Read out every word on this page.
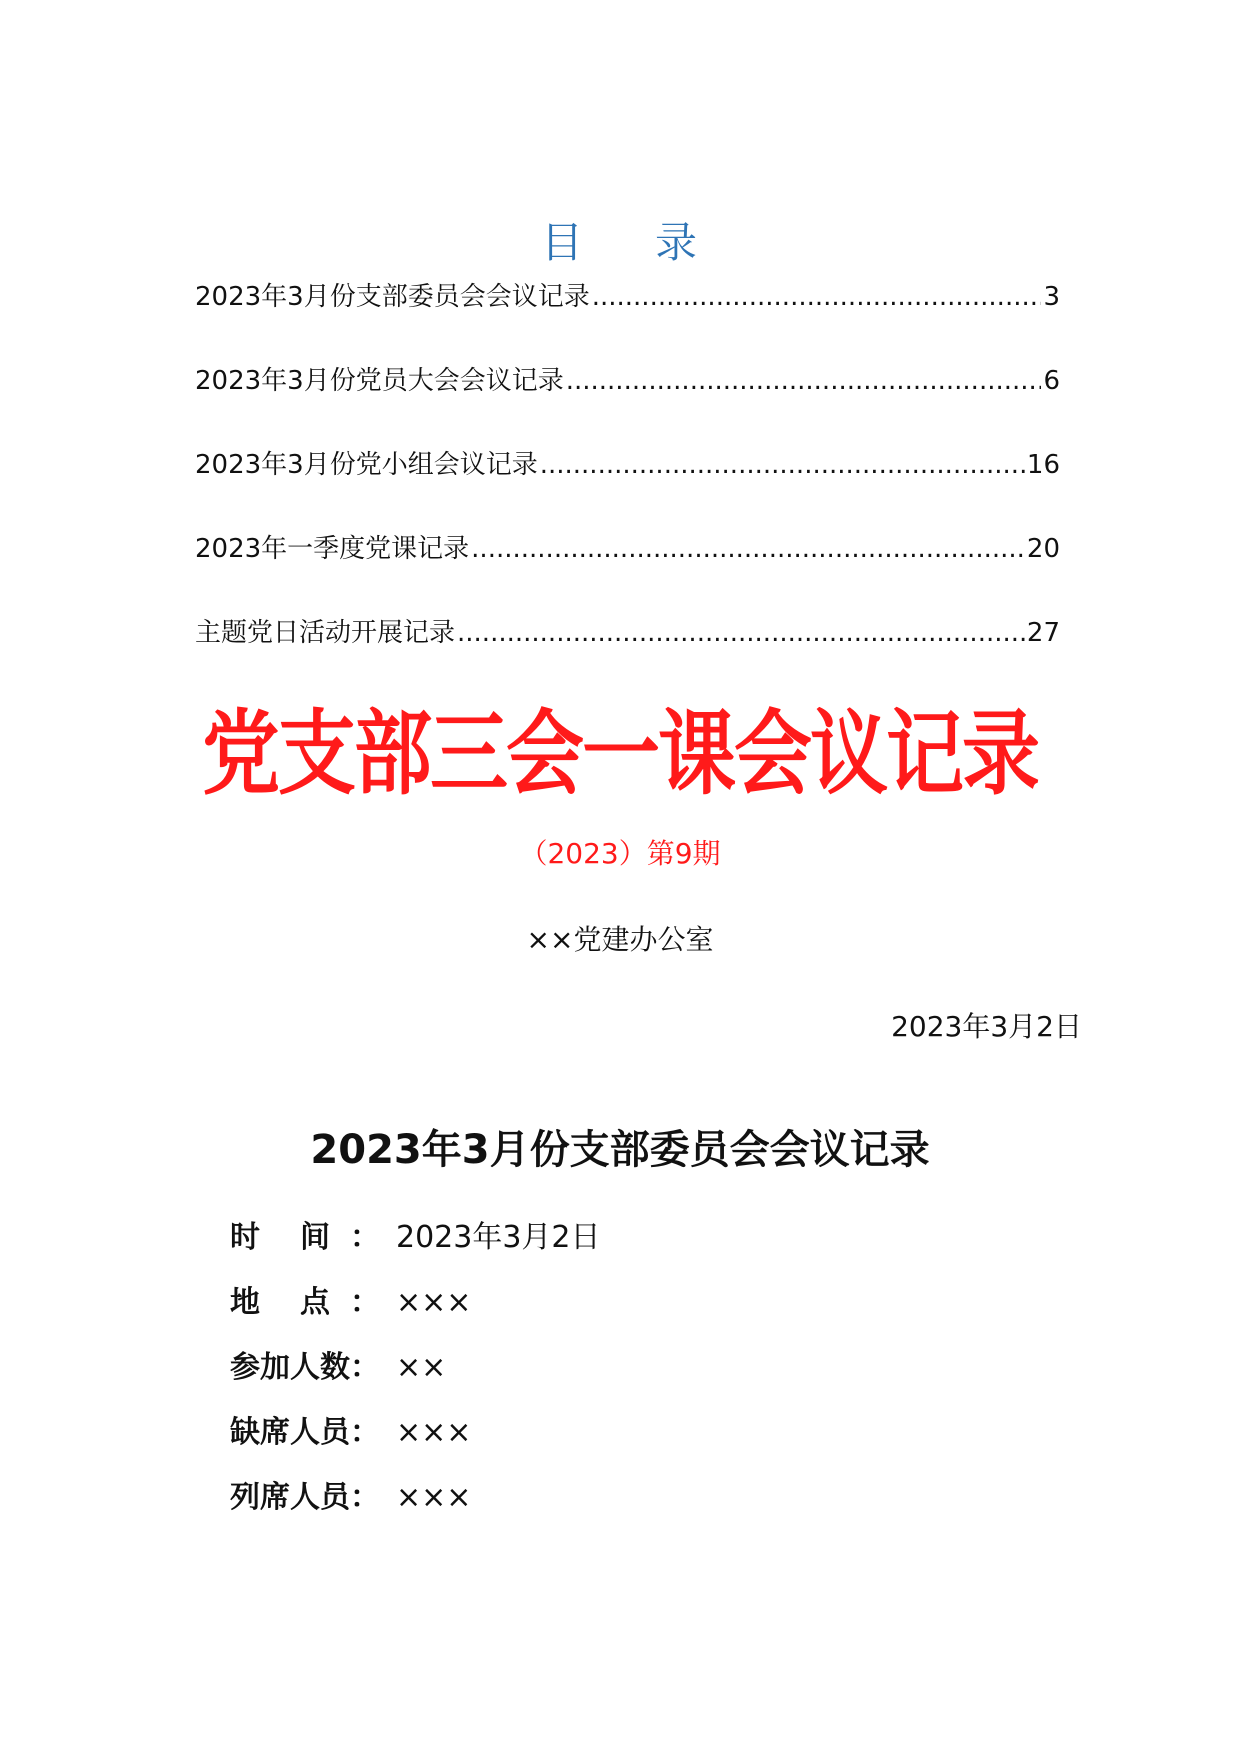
目 录
2023年3月份支部委员会会议记录 .....	3
2023年3月份党员大会会议记录 .....	6
2023年3月份党小组会议记录 .....	16
2023年一季度党课记录 .....	20
主题党日活动开展记录 .....	27
党支部三会一课会议记录
（2023）第9期
××党建办公室
2023年3月2日
2023年3月份支部委员会会议记录
时 间 ： 2023年3月2日
地 点 ： ×××
参加人数 ： ××
缺席人员 ： ×××
列席人员 ： ×××
